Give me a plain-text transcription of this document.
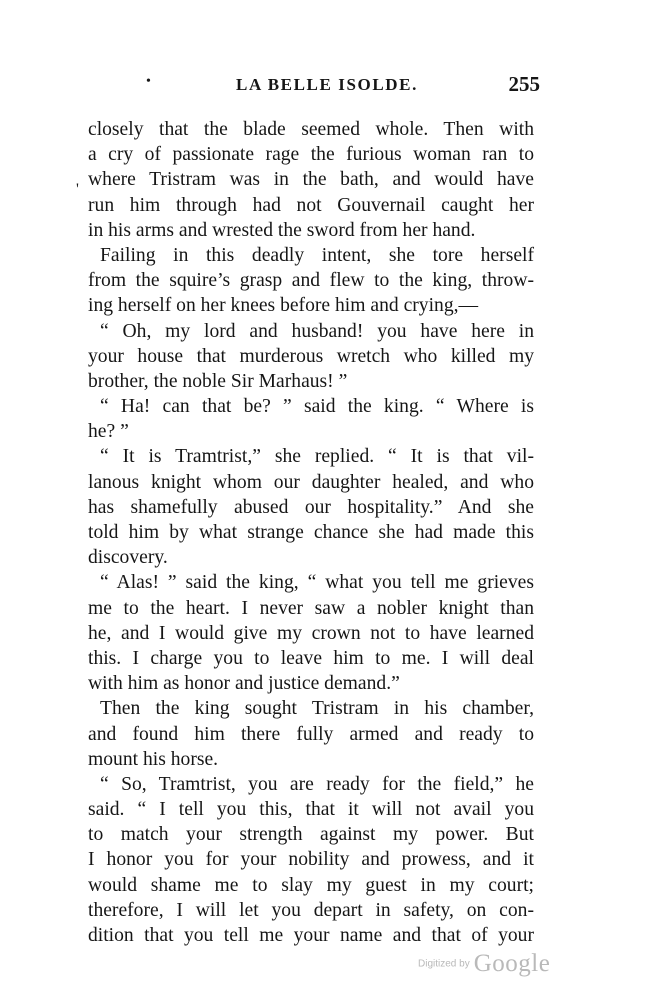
•	LA BELLE ISOLDE.	255
'
closely that the blade seemed whole. Then with
a cry of passionate rage the furious woman ran to
where Tristram was in the bath, and would have
run him through had not Gouvernail caught her
in his arms and wrested the sword from her hand.
Failing in this deadly intent, she tore herself
from the squire’s grasp and flew to the king, throw-
ing herself on her knees before him and crying,—
“ Oh, my lord and husband! you have here in
your house that murderous wretch who killed my
brother, the noble Sir Marhaus! ”
“ Ha! can that be? ” said the king. “ Where is
he? ”
“ It is Tramtrist,” she replied. “ It is that vil-
lanous knight whom our daughter healed, and who
has shamefully abused our hospitality.” And she
told him by what strange chance she had made this
discovery.
“ Alas! ” said the king, “ what you tell me grieves
me to the heart. I never saw a nobler knight than
he, and I would give my crown not to have learned
this. I charge you to leave him to me. I will deal
with him as honor and justice demand.”
Then the king sought Tristram in his chamber,
and found him there fully armed and ready to
mount his horse.
“ So, Tramtrist, you are ready for the field,” he
said. “ I tell you this, that it will not avail you
to match your strength against my power. But
I honor you for your nobility and prowess, and it
would shame me to slay my guest in my court;
therefore, I will let you depart in safety, on con-
dition that you tell me your name and that of your
Digitized by Google
